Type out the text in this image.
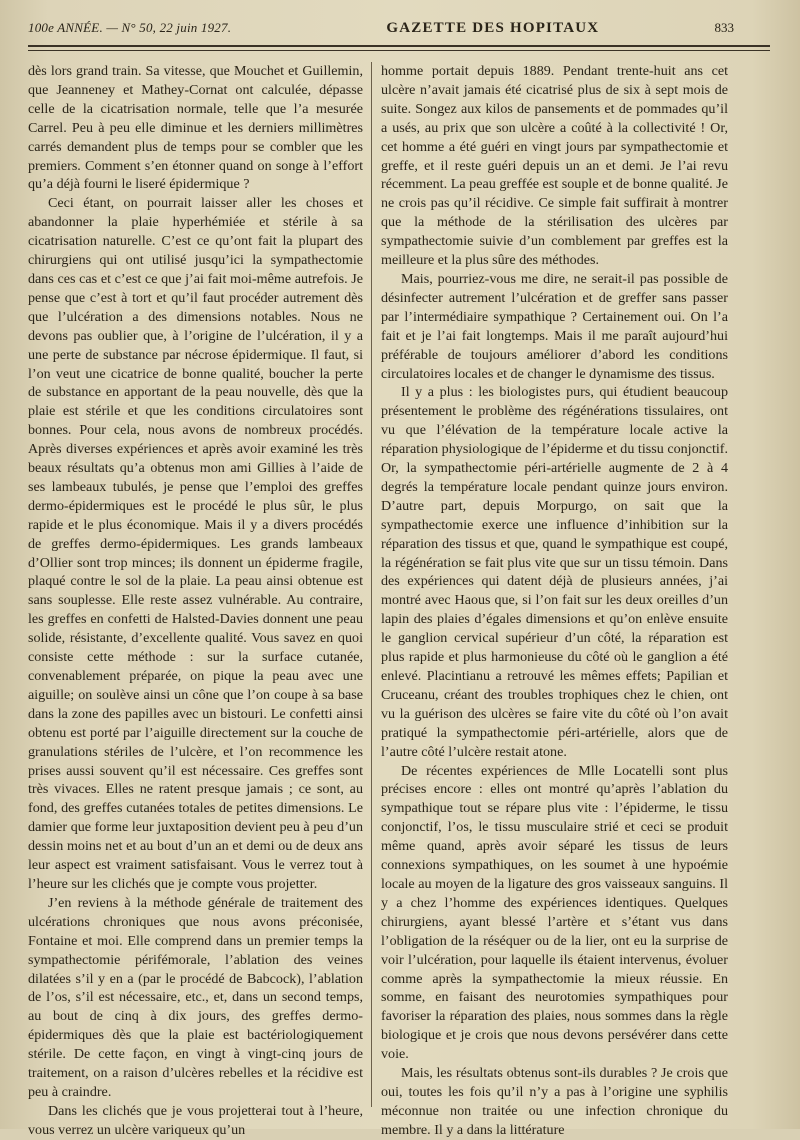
100e ANNÉE. — N° 50, 22 juin 1927.	GAZETTE DES HOPITAUX	833

dès lors grand train. Sa vitesse, que Mouchet et Guillemin, que Jeanneney et Mathey-Cornat ont calculée, dépasse celle de la cicatrisation normale, telle que l’a mesurée Carrel. Peu à peu elle diminue et les derniers millimètres carrés demandent plus de temps pour se combler que les premiers. Comment s’en étonner quand on songe à l’effort qu’a déjà fourni le liseré épidermique ?

Ceci étant, on pourrait laisser aller les choses et abandonner la plaie hyperhémiée et stérile à sa cicatrisation naturelle. C’est ce qu’ont fait la plupart des chirurgiens qui ont utilisé jusqu’ici la sympathectomie dans ces cas et c’est ce que j’ai fait moi-même autrefois. Je pense que c’est à tort et qu’il faut procéder autrement dès que l’ulcération a des dimensions notables. Nous ne devons pas oublier que, à l’origine de l’ulcération, il y a une perte de substance par nécrose épidermique. Il faut, si l’on veut une cicatrice de bonne qualité, boucher la perte de substance en apportant de la peau nouvelle, dès que la plaie est stérile et que les conditions circulatoires sont bonnes. Pour cela, nous avons de nombreux procédés. Après diverses expériences et après avoir examiné les très beaux résultats qu’a obtenus mon ami Gillies à l’aide de ses lambeaux tubulés, je pense que l’emploi des greffes dermo-épidermiques est le procédé le plus sûr, le plus rapide et le plus économique. Mais il y a divers procédés de greffes dermo-épidermiques. Les grands lambeaux d’Ollier sont trop minces; ils donnent un épiderme fragile, plaqué contre le sol de la plaie. La peau ainsi obtenue est sans souplesse. Elle reste assez vulnérable. Au contraire, les greffes en confetti de Halsted-Davies donnent une peau solide, résistante, d’excellente qualité. Vous savez en quoi consiste cette méthode : sur la surface cutanée, convenablement préparée, on pique la peau avec une aiguille; on soulève ainsi un cône que l’on coupe à sa base dans la zone des papilles avec un bistouri. Le confetti ainsi obtenu est porté par l’aiguille directement sur la couche de granulations stériles de l’ulcère, et l’on recommence les prises aussi souvent qu’il est nécessaire. Ces greffes sont très vivaces. Elles ne ratent presque jamais ; ce sont, au fond, des greffes cutanées totales de petites dimensions. Le damier que forme leur juxtaposition devient peu à peu d’un dessin moins net et au bout d’un an et demi ou de deux ans leur aspect est vraiment satisfaisant. Vous le verrez tout à l’heure sur les clichés que je compte vous projetter.

J’en reviens à la méthode générale de traitement des ulcérations chroniques que nous avons préconisée, Fontaine et moi. Elle comprend dans un premier temps la sympathectomie périfémorale, l’ablation des veines dilatées s’il y en a (par le procédé de Babcock), l’ablation de l’os, s’il est nécessaire, etc., et, dans un second temps, au bout de cinq à dix jours, des greffes dermo-épidermiques dès que la plaie est bactériologiquement stérile. De cette façon, en vingt à vingt-cinq jours de traitement, on a raison d’ulcères rebelles et la récidive est peu à craindre.

Dans les clichés que je vous projetterai tout à l’heure, vous verrez un ulcère variqueux qu’un

homme portait depuis 1889. Pendant trente-huit ans cet ulcère n’avait jamais été cicatrisé plus de six à sept mois de suite. Songez aux kilos de pansements et de pommades qu’il a usés, au prix que son ulcère a coûté à la collectivité ! Or, cet homme a été guéri en vingt jours par sympathectomie et greffe, et il reste guéri depuis un an et demi. Je l’ai revu récemment. La peau greffée est souple et de bonne qualité. Je ne crois pas qu’il récidive. Ce simple fait suffirait à montrer que la méthode de la stérilisation des ulcères par sympathectomie suivie d’un comblement par greffes est la meilleure et la plus sûre des méthodes.

Mais, pourriez-vous me dire, ne serait-il pas possible de désinfecter autrement l’ulcération et de greffer sans passer par l’intermédiaire sympathique ? Certainement oui. On l’a fait et je l’ai fait longtemps. Mais il me paraît aujourd’hui préférable de toujours améliorer d’abord les conditions circulatoires locales et de changer le dynamisme des tissus.

Il y a plus : les biologistes purs, qui étudient beaucoup présentement le problème des régénérations tissulaires, ont vu que l’élévation de la température locale active la réparation physiologique de l’épiderme et du tissu conjonctif. Or, la sympathectomie péri-artérielle augmente de 2 à 4 degrés la température locale pendant quinze jours environ. D’autre part, depuis Morpurgo, on sait que la sympathectomie exerce une influence d’inhibition sur la réparation des tissus et que, quand le sympathique est coupé, la régénération se fait plus vite que sur un tissu témoin. Dans des expériences qui datent déjà de plusieurs années, j’ai montré avec Haous que, si l’on fait sur les deux oreilles d’un lapin des plaies d’égales dimensions et qu’on enlève ensuite le ganglion cervical supérieur d’un côté, la réparation est plus rapide et plus harmonieuse du côté où le ganglion a été enlevé. Placintianu a retrouvé les mêmes effets; Papilian et Cruceanu, créant des troubles trophiques chez le chien, ont vu la guérison des ulcères se faire vite du côté où l’on avait pratiqué la sympathectomie péri-artérielle, alors que de l’autre côté l’ulcère restait atone.

De récentes expériences de Mlle Locatelli sont plus précises encore : elles ont montré qu’après l’ablation du sympathique tout se répare plus vite : l’épiderme, le tissu conjonctif, l’os, le tissu musculaire strié et ceci se produit même quand, après avoir séparé les tissus de leurs connexions sympathiques, on les soumet à une hypoémie locale au moyen de la ligature des gros vaisseaux sanguins. Il y a chez l’homme des expériences identiques. Quelques chirurgiens, ayant blessé l’artère et s’étant vus dans l’obligation de la réséquer ou de la lier, ont eu la surprise de voir l’ulcération, pour laquelle ils étaient intervenus, évoluer comme après la sympathectomie la mieux réussie. En somme, en faisant des neurotomies sympathiques pour favoriser la réparation des plaies, nous sommes dans la règle biologique et je crois que nous devons persévérer dans cette voie.

Mais, les résultats obtenus sont-ils durables ? Je crois que oui, toutes les fois qu’il n’y a pas à l’origine une syphilis méconnue non traitée ou une infection chronique du membre. Il y a dans la littérature
